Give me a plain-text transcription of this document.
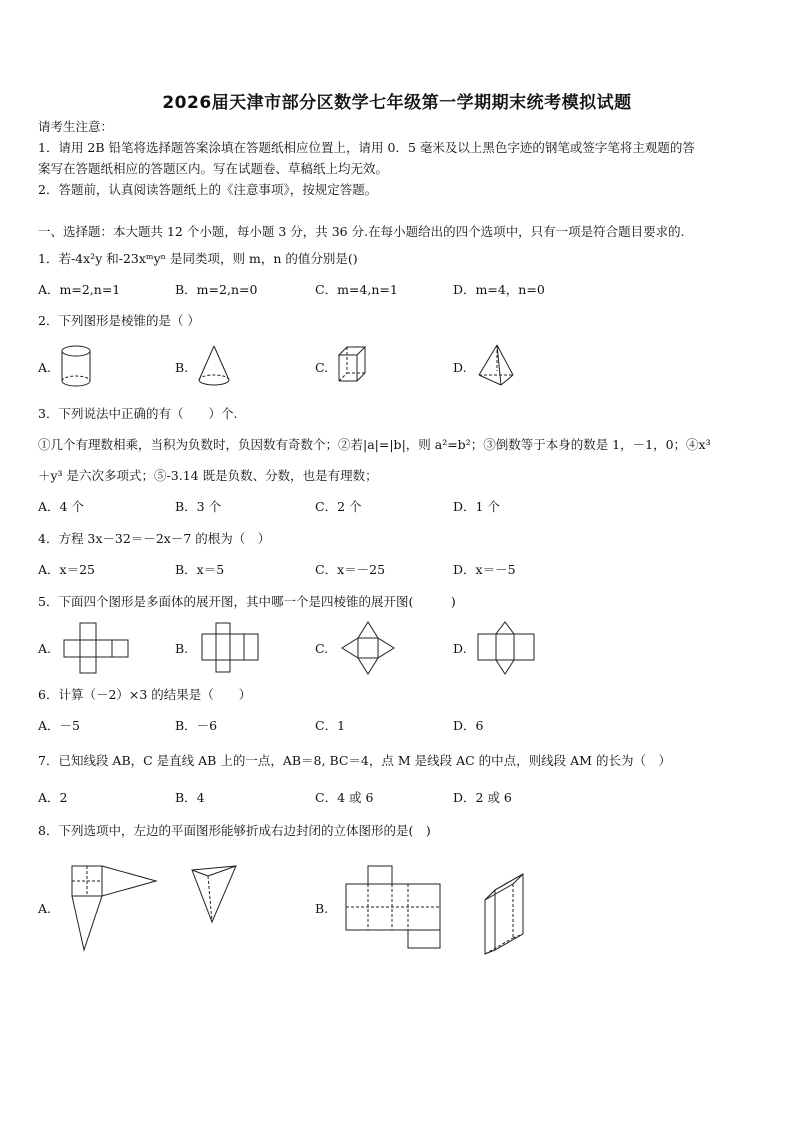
2026届天津市部分区数学七年级第一学期期末统考模拟试题
请考生注意：
1．请用 2B 铅笔将选择题答案涂填在答题纸相应位置上，请用 0．5 毫米及以上黑色字迹的钢笔或签字笔将主观题的答
案写在答题纸相应的答题区内。写在试题卷、草稿纸上均无效。
2．答题前，认真阅读答题纸上的《注意事项》，按规定答题。
一、选择题：本大题共 12 个小题，每小题 3 分，共 36 分.在每小题给出的四个选项中，只有一项是符合题目要求的.
1．若-4x²y 和-23xᵐyⁿ 是同类项，则 m，n 的值分别是()
A．m=2,n=1	B．m=2,n=0	C．m=4,n=1	D．m=4，n=0
2．下列图形是棱锥的是（ ）
A.	B.	C.	D.
3．下列说法中正确的有（　　）个.
①几个有理数相乘，当积为负数时，负因数有奇数个；②若|a|=|b|，则 a²=b²；③倒数等于本身的数是 1，－1，0；④x³
＋y³ 是六次多项式；⑤-3.14 既是负数、分数，也是有理数；
A．4 个	B．3 个	C．2 个	D．1 个
4．方程 3x－32＝－2x－7 的根为（　）
A．x＝25	B．x＝5	C．x＝－25	D．x＝－5
5．下面四个图形是多面体的展开图，其中哪一个是四棱锥的展开图(　　　)
A.	B.	C.	D.
6．计算（－2）×3 的结果是（　　）
A．－5	B．－6	C．1	D．6
7．已知线段 AB，C 是直线 AB 上的一点，AB＝8, BC＝4，点 M 是线段 AC 的中点，则线段 AM 的长为（　）
A．2	B．4	C．4 或 6	D．2 或 6
8．下列选项中，左边的平面图形能够折成右边封闭的立体图形的是(　)
A.	B.
